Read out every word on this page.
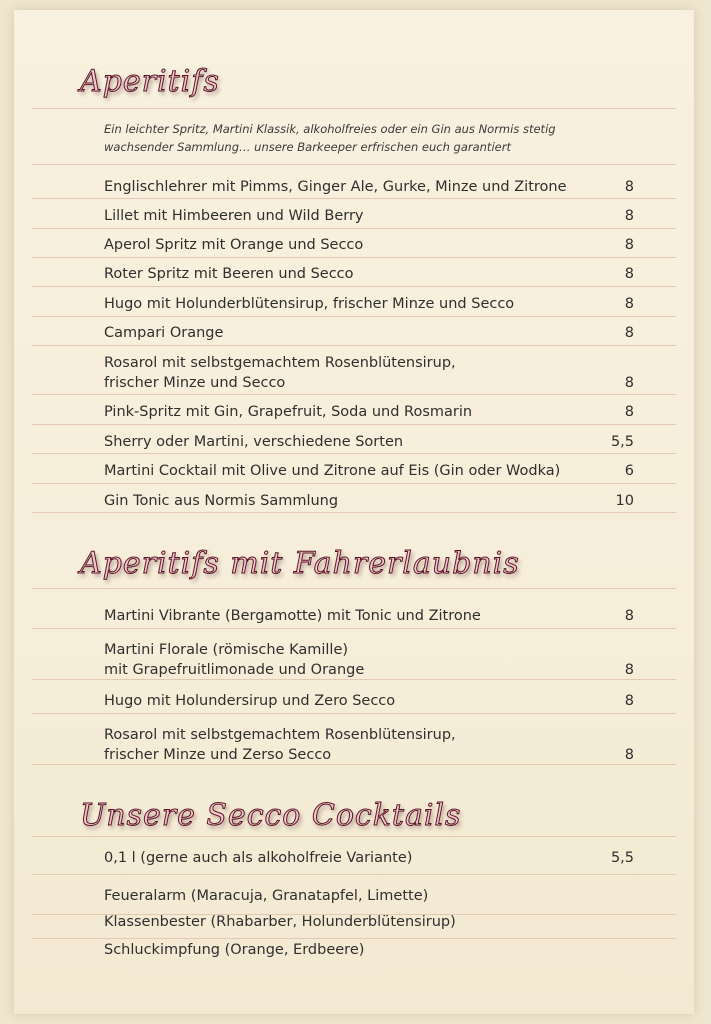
Aperitifs
Ein leichter Spritz, Martini Klassik, alkoholfreies oder ein Gin aus Normis stetig
wachsender Sammlung… unsere Barkeeper erfrischen euch garantiert
Englischlehrer mit Pimms, Ginger Ale, Gurke, Minze und Zitrone	8
Lillet mit Himbeeren und Wild Berry	8
Aperol Spritz mit Orange und Secco	8
Roter Spritz mit Beeren und Secco	8
Hugo mit Holunderblütensirup, frischer Minze und Secco	8
Campari Orange	8
Rosarol mit selbstgemachtem Rosenblütensirup,
frischer Minze und Secco	8
Pink-Spritz mit Gin, Grapefruit, Soda und Rosmarin	8
Sherry oder Martini, verschiedene Sorten	5,5
Martini Cocktail mit Olive und Zitrone auf Eis (Gin oder Wodka)	6
Gin Tonic aus Normis Sammlung	10
Aperitifs mit Fahrerlaubnis
Martini Vibrante (Bergamotte) mit Tonic und Zitrone	8
Martini Florale (römische Kamille)
mit Grapefruitlimonade und Orange	8
Hugo mit Holundersirup und Zero Secco	8
Rosarol mit selbstgemachtem Rosenblütensirup,
frischer Minze und Zerso Secco	8
Unsere Secco Cocktails
0,1 l (gerne auch als alkoholfreie Variante)	5,5
Feueralarm (Maracuja, Granatapfel, Limette)
Klassenbester (Rhabarber, Holunderblütensirup)
Schluckimpfung (Orange, Erdbeere)
